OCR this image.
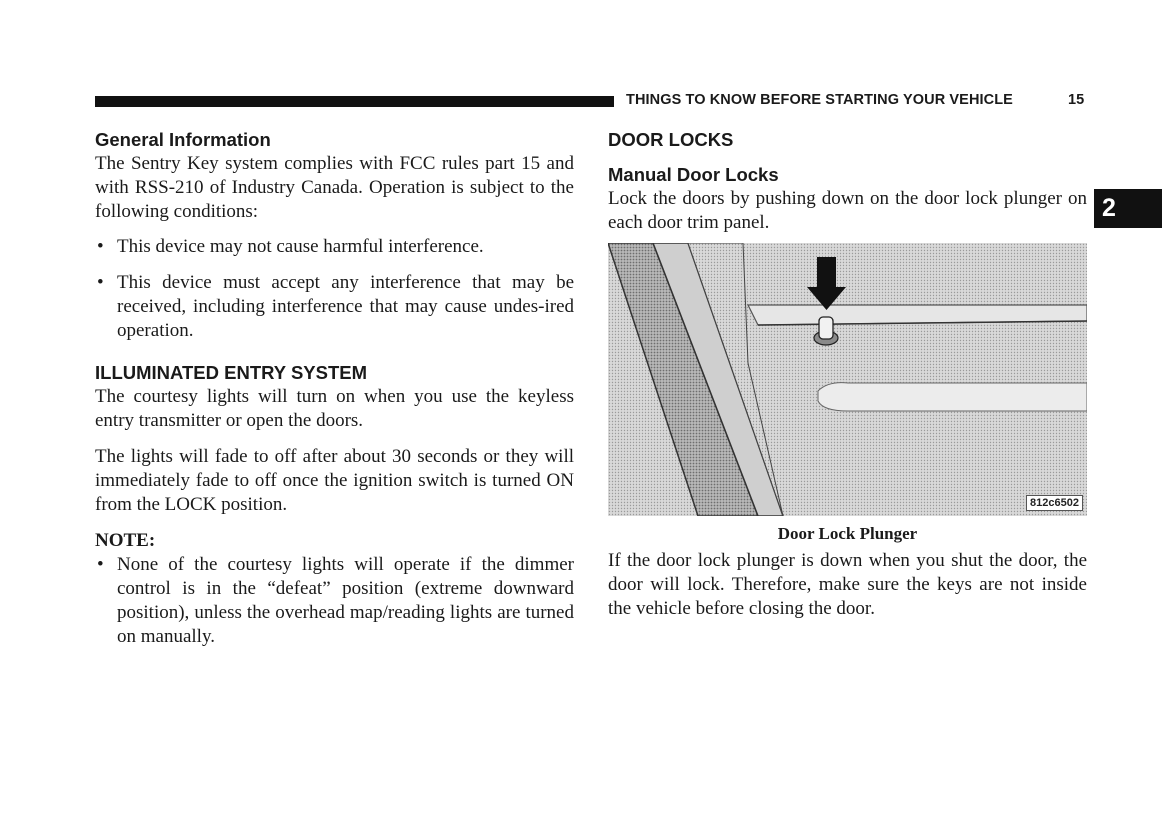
THINGS TO KNOW BEFORE STARTING YOUR VEHICLE	15
2
General Information

The Sentry Key system complies with FCC rules part 15 and with RSS-210 of Industry Canada. Operation is subject to the following conditions:

• This device may not cause harmful interference.
• This device must accept any interference that may be received, including interference that may cause undes-ired operation.
ILLUMINATED ENTRY SYSTEM

The courtesy lights will turn on when you use the keyless entry transmitter or open the doors.

The lights will fade to off after about 30 seconds or they will immediately fade to off once the ignition switch is turned ON from the LOCK position.

NOTE:
• None of the courtesy lights will operate if the dimmer control is in the “defeat” position (extreme downward position), unless the overhead map/reading lights are turned on manually.
DOOR LOCKS
Manual Door Locks

Lock the doors by pushing down on the door lock plunger on each door trim panel.

812c6502
Door Lock Plunger

If the door lock plunger is down when you shut the door, the door will lock. Therefore, make sure the keys are not inside the vehicle before closing the door.
